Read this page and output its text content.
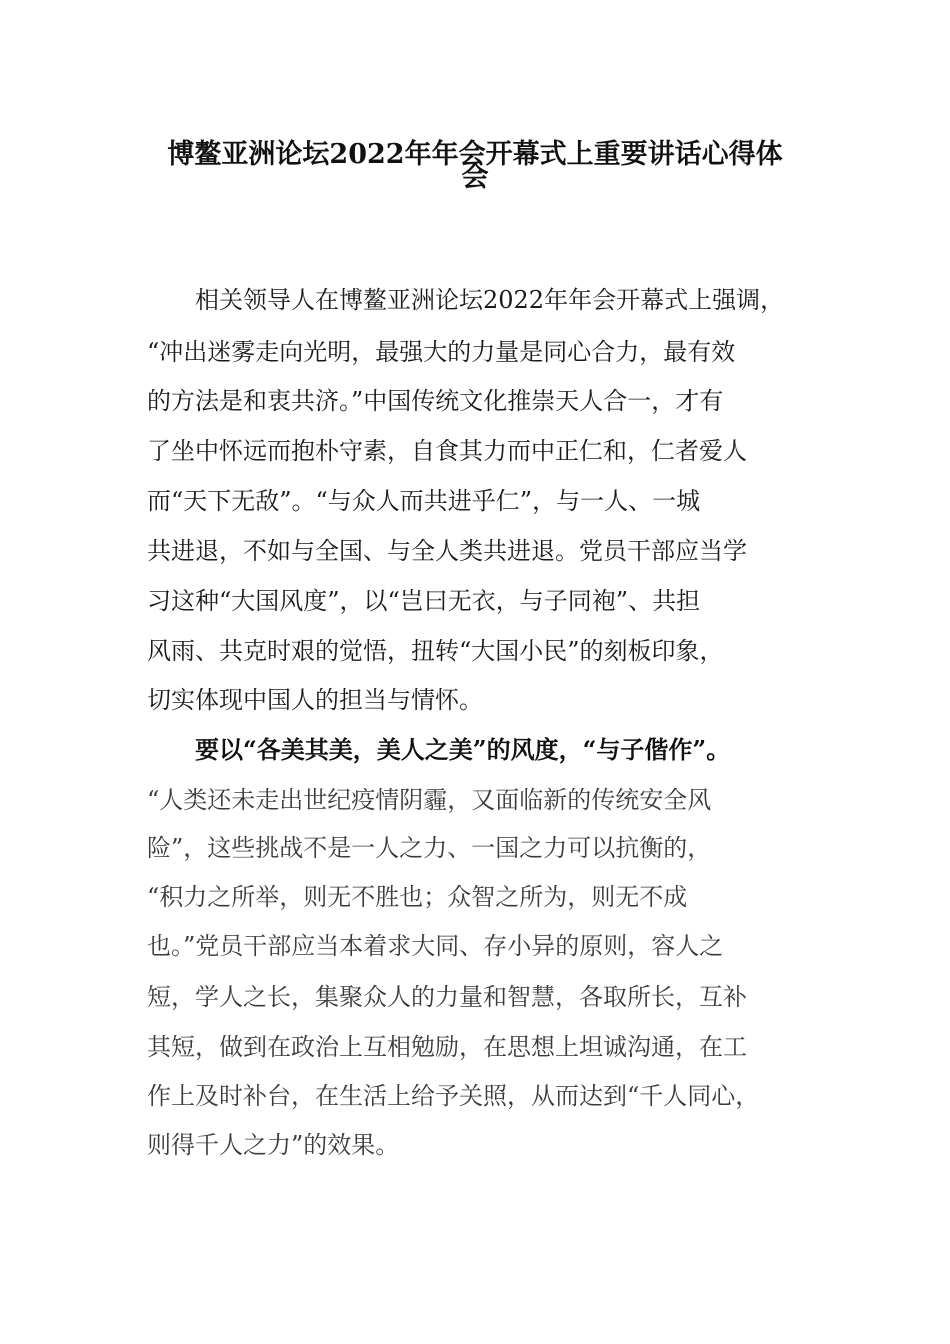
博鳌亚洲论坛2022年年会开幕式上重要讲话心得体
会
相关领导人在博鳌亚洲论坛2022年年会开幕式上强调，
“冲出迷雾走向光明，最强大的力量是同心合力，最有效
的方法是和衷共济。”中国传统文化推崇天人合一，才有
了坐中怀远而抱朴守素，自食其力而中正仁和，仁者爱人
而“天下无敌”。“与众人而共进乎仁”，与一人、一城
共进退，不如与全国、与全人类共进退。党员干部应当学
习这种“大国风度”，以“岂曰无衣，与子同袍”、共担
风雨、共克时艰的觉悟，扭转“大国小民”的刻板印象，
切实体现中国人的担当与情怀。
要以“各美其美，美人之美”的风度，“与子偕作”。
“人类还未走出世纪疫情阴霾，又面临新的传统安全风
险”，这些挑战不是一人之力、一国之力可以抗衡的，
“积力之所举，则无不胜也；众智之所为，则无不成
也。”党员干部应当本着求大同、存小异的原则，容人之
短，学人之长，集聚众人的力量和智慧，各取所长，互补
其短，做到在政治上互相勉励，在思想上坦诚沟通，在工
作上及时补台，在生活上给予关照，从而达到“千人同心，
则得千人之力”的效果。
